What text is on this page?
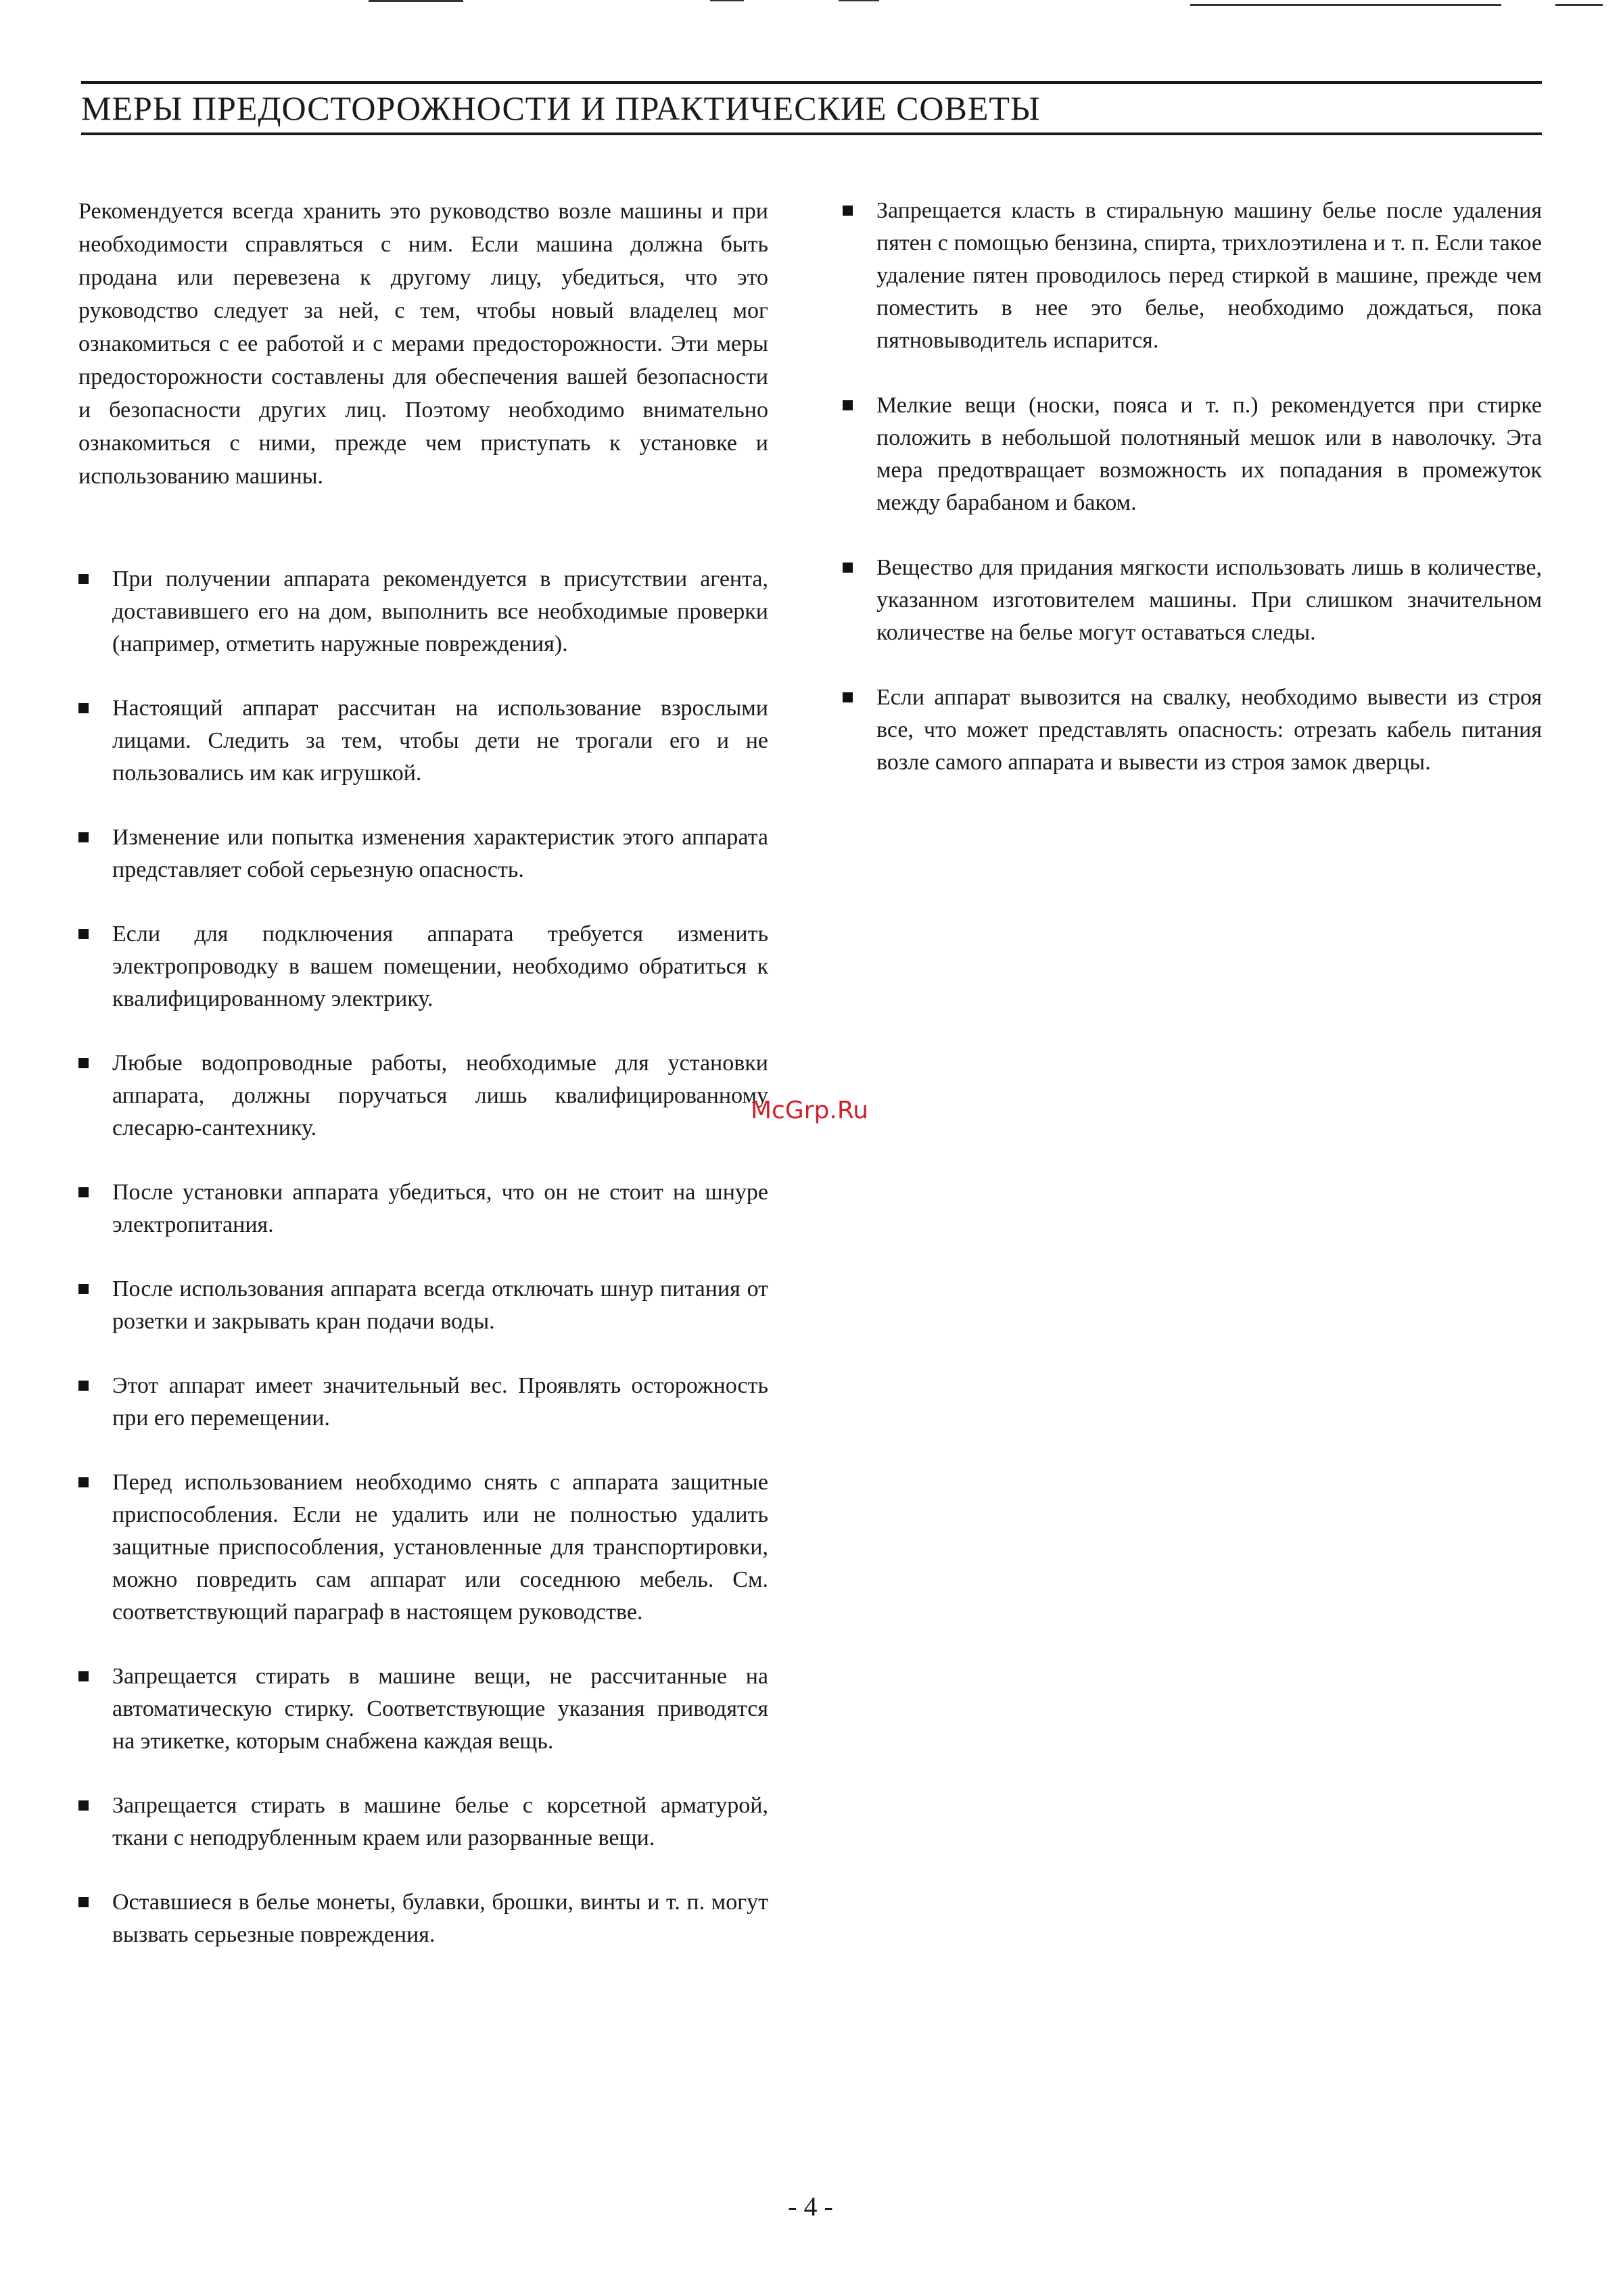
МЕРЫ ПРЕДОСТОРОЖНОСТИ И ПРАКТИЧЕСКИЕ СОВЕТЫ

Рекомендуется всегда хранить это руководство возле машины и при необходимости справляться с ним. Если машина должна быть продана или перевезена к другому лицу, убедиться, что это руководство следует за ней, с тем, чтобы новый владелец мог ознакомиться с ее работой и с мерами предосторожности. Эти меры предосторожности составлены для обеспечения вашей безопасности и безопасности других лиц. Поэтому необходимо внимательно ознакомиться с ними, прежде чем приступать к установке и использованию машины.

При получении аппарата рекомендуется в присутствии агента, доставившего его на дом, выполнить все необходимые проверки (например, отметить наружные повреждения).
Настоящий аппарат рассчитан на использование взрослыми лицами. Следить за тем, чтобы дети не трогали его и не пользовались им как игрушкой.
Изменение или попытка изменения характеристик этого аппарата представляет собой серьезную опасность.
Если для подключения аппарата требуется изменить электропроводку в вашем помещении, необходимо обратиться к квалифицированному электрику.
Любые водопроводные работы, необходимые для установки аппарата, должны поручаться лишь квалифицированному слесарю-сантехнику.
После установки аппарата убедиться, что он не стоит на шнуре электропитания.
После использования аппарата всегда отключать шнур питания от розетки и закрывать кран подачи воды.
Этот аппарат имеет значительный вес. Проявлять осторожность при его перемещении.
Перед использованием необходимо снять с аппарата защитные приспособления. Если не удалить или не полностью удалить защитные приспособления, установленные для транспортировки, можно повредить сам аппарат или соседнюю мебель. См. соответствующий параграф в настоящем руководстве.
Запрещается стирать в машине вещи, не рассчитанные на автоматическую стирку. Соответствующие указания приводятся на этикетке, которым снабжена каждая вещь.
Запрещается стирать в машине белье с корсетной арматурой, ткани с неподрубленным краем или разорванные вещи.
Оставшиеся в белье монеты, булавки, брошки, винты и т. п. могут вызвать серьезные повреждения.
Запрещается класть в стиральную машину белье после удаления пятен с помощью бензина, спирта, трихлоэтилена и т. п. Если такое удаление пятен проводилось перед стиркой в машине, прежде чем поместить в нее это белье, необходимо дождаться, пока пятновыводитель испарится.
Мелкие вещи (носки, пояса и т. п.) рекомендуется при стирке положить в небольшой полотняный мешок или в наволочку. Эта мера предотвращает возможность их попадания в промежуток между барабаном и баком.
Вещество для придания мягкости использовать лишь в количестве, указанном изготовителем машины. При слишком значительном количестве на белье могут оставаться следы.
Если аппарат вывозится на свалку, необходимо вывести из строя все, что может представлять опасность: отрезать кабель питания возле самого аппарата и вывести из строя замок дверцы.
McGrp.Ru
- 4 -
